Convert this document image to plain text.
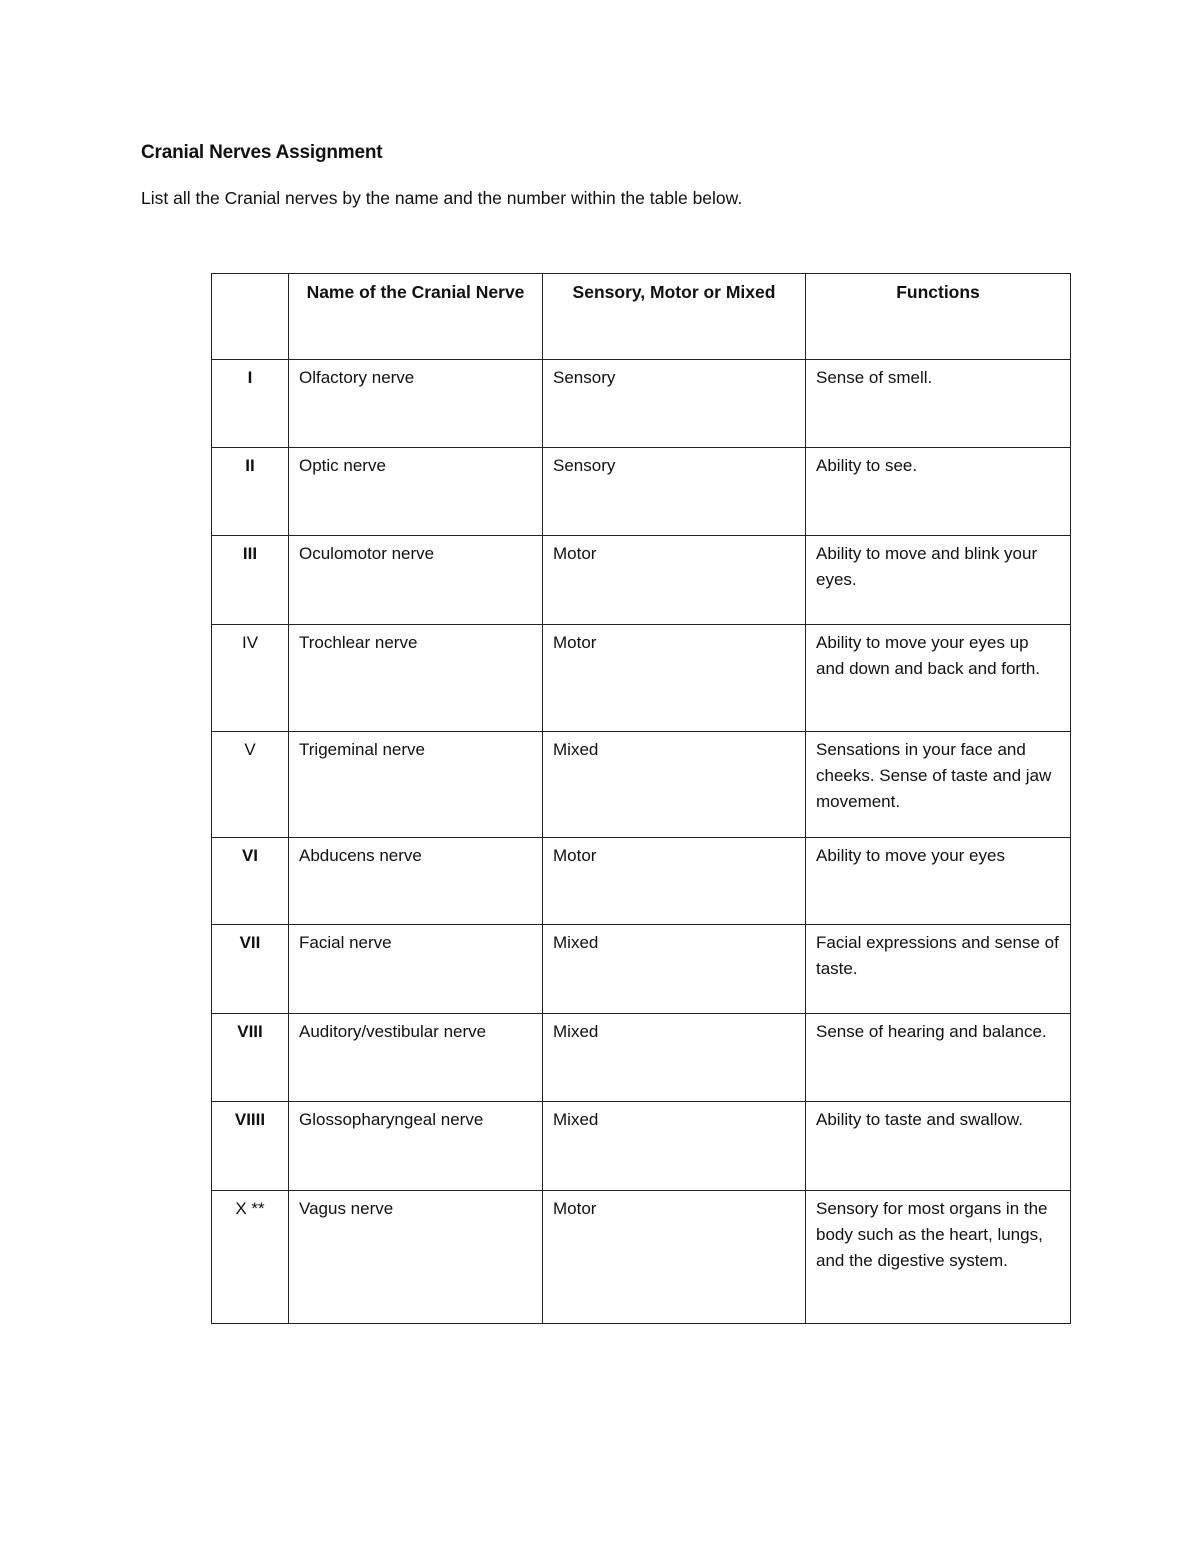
Cranial Nerves Assignment

List all the Cranial nerves by the name and the number within the table below.

	Name of the Cranial Nerve	Sensory, Motor or Mixed	Functions
I	Olfactory nerve	Sensory	Sense of smell.
II	Optic nerve	Sensory	Ability to see.
III	Oculomotor nerve	Motor	Ability to move and blink your eyes.
IV	Trochlear nerve	Motor	Ability to move your eyes up and down and back and forth.
V	Trigeminal nerve	Mixed	Sensations in your face and cheeks. Sense of taste and jaw movement.
VI	Abducens nerve	Motor	Ability to move your eyes
VII	Facial nerve	Mixed	Facial expressions and sense of taste.
VIII	Auditory/vestibular nerve	Mixed	Sense of hearing and balance.
VIIII	Glossopharyngeal nerve	Mixed	Ability to taste and swallow.
X **	Vagus nerve	Motor	Sensory for most organs in the body such as the heart, lungs, and the digestive system.
